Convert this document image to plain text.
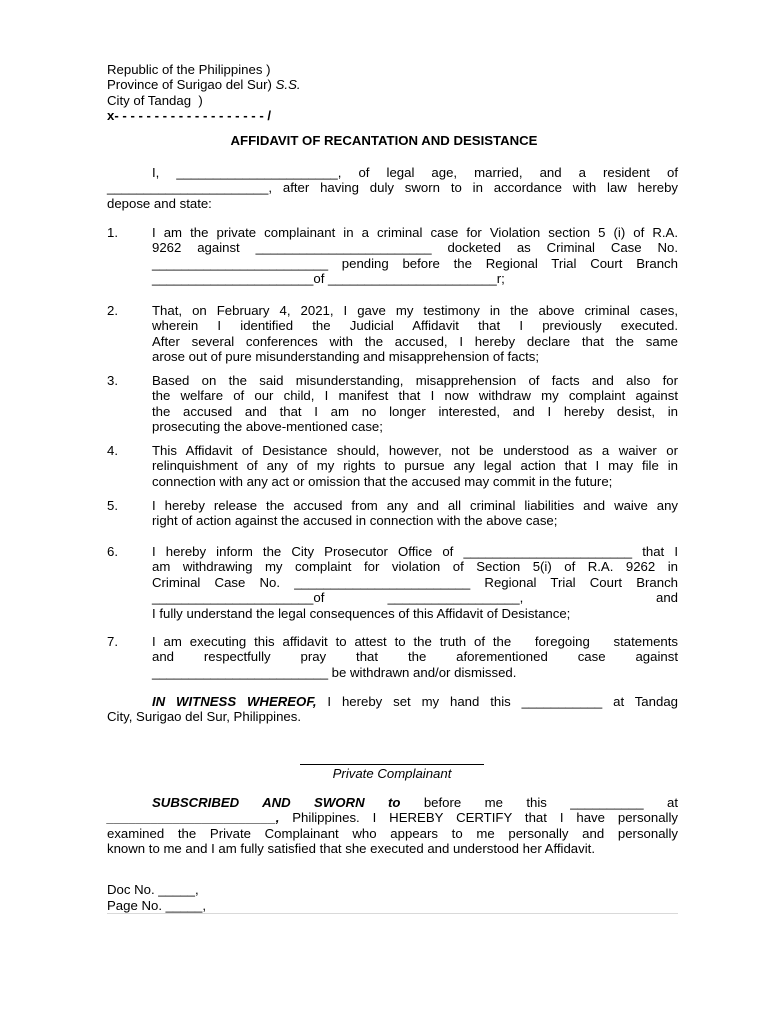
Republic of the Philippines )
Province of Surigao del Sur) S.S.
City of Tandag  )
x- - - - - - - - - - - - - - - - - - - /
AFFIDAVIT OF RECANTATION AND DESISTANCE
I, ______________________, of legal age, married, and a resident of
______________________, after having duly sworn to in accordance with law hereby
depose and state:
1.	I am the private complainant in a criminal case for Violation section 5 (i) of R.A.
9262 against ________________________ docketed as Criminal Case No.
________________________ pending before the Regional Trial Court Branch
______________________of _______________________r;
2.	That, on February 4, 2021, I gave my testimony in the above criminal cases,
wherein I identified the Judicial Affidavit that I previously executed.
After several conferences with the accused, I hereby declare that the same
arose out of pure misunderstanding and misapprehension of facts;
3.	Based on the said misunderstanding, misapprehension of facts and also for
the welfare of our child, I manifest that I now withdraw my complaint against
the accused and that I am no longer interested, and I hereby desist, in
prosecuting the above-mentioned case;
4.	This Affidavit of Desistance should, however, not be understood as a waiver or
relinquishment of any of my rights to pursue any legal action that I may file in
connection with any act or omission that the accused may commit in the future;
5.	I hereby release the accused from any and all criminal liabilities and waive any
right of action against the accused in connection with the above case;
6.	I hereby inform the City Prosecutor Office of _______________________ that I
am withdrawing my complaint for violation of Section 5(i) of R.A. 9262 in
Criminal Case No. ________________________ Regional Trial Court Branch
______________________of          __________________,                     and
I fully understand the legal consequences of this Affidavit of Desistance;
7.	I am executing this affidavit to attest to the truth of the   foregoing   statements
and       respectfully       pray       that       the       aforementioned       case       against
________________________ be withdrawn and/or dismissed.
IN WITNESS WHEREOF, I hereby set my hand this ___________ at Tandag
City, Surigao del Sur, Philippines.
Private Complainant
SUBSCRIBED   AND   SWORN   to   before   me   this   __________   at
_______________________, Philippines. I HEREBY CERTIFY that I have personally
examined the Private Complainant who appears to me personally and personally
known to me and I am fully satisfied that she executed and understood her Affidavit.
Doc No. _____,
Page No. _____,
